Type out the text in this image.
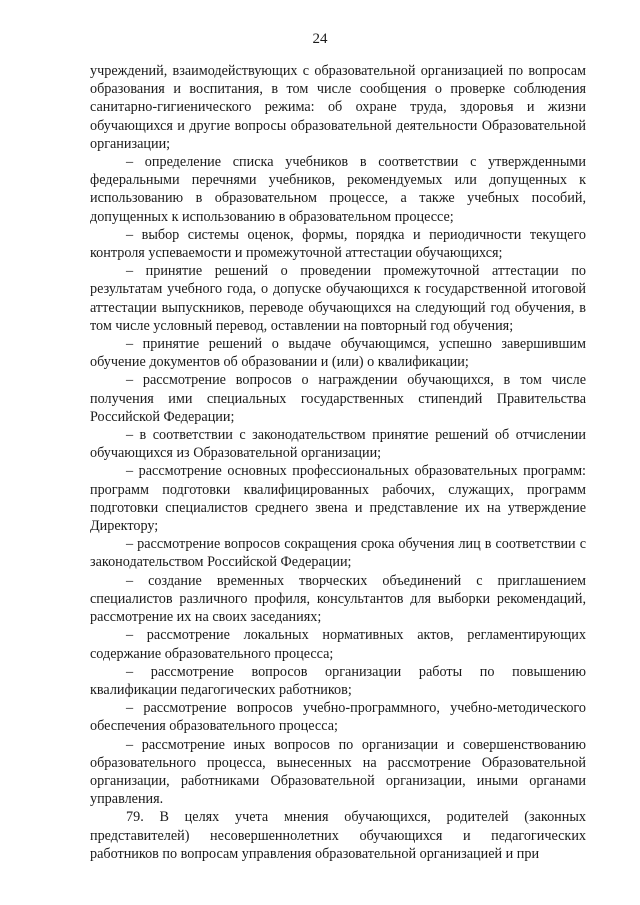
24

учреждений, взаимодействующих с образовательной организацией по вопросам образования и воспитания, в том числе сообщения о проверке соблюдения санитарно-гигиенического режима: об охране труда, здоровья и жизни обучающихся и другие вопросы образовательной деятельности Образовательной организации;

– определение списка учебников в соответствии с утвержденными федеральными перечнями учебников, рекомендуемых или допущенных к использованию в образовательном процессе, а также учебных пособий, допущенных к использованию в образовательном процессе;

– выбор системы оценок, формы, порядка и периодичности текущего контроля успеваемости и промежуточной аттестации обучающихся;

– принятие решений о проведении промежуточной аттестации по результатам учебного года, о допуске обучающихся к государственной итоговой аттестации выпускников, переводе обучающихся на следующий год обучения, в том числе условный перевод, оставлении на повторный год обучения;

– принятие решений о выдаче обучающимся, успешно завершившим обучение документов об образовании и (или) о квалификации;

– рассмотрение вопросов о награждении обучающихся, в том числе получения ими специальных государственных стипендий Правительства Российской Федерации;

– в соответствии с законодательством принятие решений об отчислении обучающихся из Образовательной организации;

– рассмотрение основных профессиональных образовательных программ: программ подготовки квалифицированных рабочих, служащих, программ подготовки специалистов среднего звена и представление их на утверждение Директору;

– рассмотрение вопросов сокращения срока обучения лиц в соответствии с законодательством Российской Федерации;

– создание временных творческих объединений с приглашением специалистов различного профиля, консультантов для выборки рекомендаций, рассмотрение их на своих заседаниях;

– рассмотрение локальных нормативных актов, регламентирующих содержание образовательного процесса;

– рассмотрение вопросов организации работы по повышению квалификации педагогических работников;

– рассмотрение вопросов учебно-программного, учебно-методического обеспечения образовательного процесса;

– рассмотрение иных вопросов по организации и совершенствованию образовательного процесса, вынесенных на рассмотрение Образовательной организации, работниками Образовательной организации, иными органами управления.

79. В целях учета мнения обучающихся, родителей (законных представителей) несовершеннолетних обучающихся и педагогических работников по вопросам управления образовательной организацией и при
